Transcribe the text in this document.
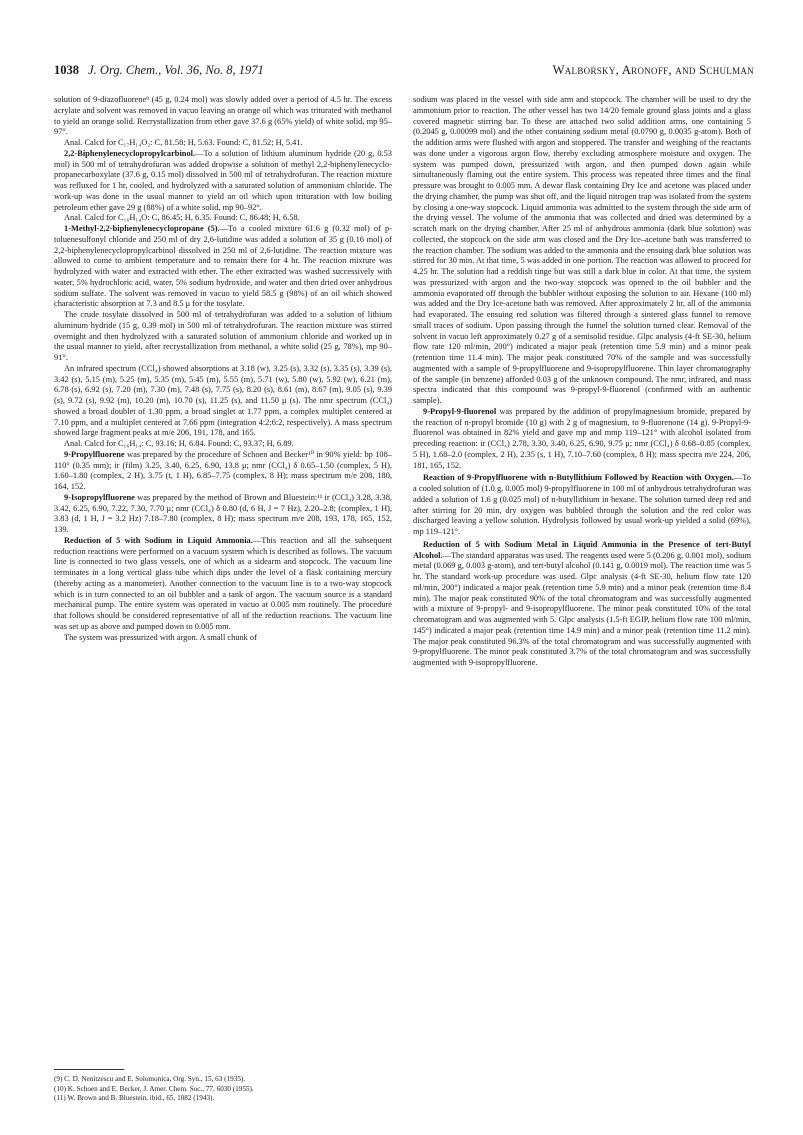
1038 J. Org. Chem., Vol. 36, No. 8, 1971	Walborsky, Aronoff, and Schulman

solution of 9-diazofluorene⁹ (45 g, 0.24 mol) was slowly added over a period of 4.5 hr. The excess acrylate and solvent was removed in vacuo leaving an orange oil which was triturated with methanol to yield an orange solid. Recrystallization from ether gave 37.6 g (65% yield) of white solid, mp 95–97°.

Anal. Calcd for C₁₇H₁₄O₂: C, 81.58; H, 5.63. Found: C, 81.52; H, 5.41.

2,2-Biphenylenecyclopropylcarbinol.—To a solution of lithium aluminum hydride (20 g, 0.53 mol) in 500 ml of tetrahydrofuran was added dropwise a solution of methyl 2,2-biphenylenecyclo-propanecarboxylate (37.6 g, 0.15 mol) dissolved in 500 ml of tetrahydrofuran. The reaction mixture was refluxed for 1 hr, cooled, and hydrolyzed with a saturated solution of ammonium chloride. The work-up was done in the usual manner to yield an oil which upon trituration with low boiling petroleum ether gave 29 g (88%) of a white solid, mp 90–92°.

Anal. Calcd for C₁₆H₁₄O: C, 86.45; H, 6.35. Found: C, 86.48; H, 6.58.

1-Methyl-2,2-biphenylenecyclopropane (5).—To a cooled mixture 61.6 g (0.32 mol) of p-toluenesulfonyl chloride and 250 ml of dry 2,6-lutidine was added a solution of 35 g (0.16 mol) of 2,2-biphenylenecyclopropylcarbinol dissolved in 250 ml of 2,6-lutidine. The reaction mixture was allowed to come to ambient temperature and to remain there for 4 hr. The reaction mixture was hydrolyzed with water and extracted with ether. The ether extracted was washed successively with water, 5% hydrochloric acid, water, 5% sodium hydroxide, and water and then dried over anhydrous sodium sulfate. The solvent was removed in vacuo to yield 58.5 g (98%) of an oil which showed characteristic absorption at 7.3 and 8.5 μ for the tosylate.

The crude tosylate dissolved in 500 ml of tetrahydrofuran was added to a solution of lithium aluminum hydride (15 g, 0.39 mol) in 500 ml of tetrahydrofuran. The reaction mixture was stirred overnight and then hydrolyzed with a saturated solution of ammonium chloride and worked up in the usual manner to yield, after recrystallization from methanol, a white solid (25 g, 78%), mp 90–91°.

An infrared spectrum (CCl₄) showed absorptions at 3.18 (w), 3.25 (s), 3.32 (s), 3.35 (s), 3.39 (s), 3.42 (s), 5.15 (m), 5.25 (m), 5.35 (m), 5.45 (m), 5.55 (m), 5.71 (w), 5.80 (w), 5.92 (w), 6.21 (m), 6.78 (s), 6.92 (s), 7.20 (m), 7.30 (m), 7.48 (s), 7.75 (s), 8.20 (s), 8.61 (m), 8.67 (m), 9.05 (s), 9.39 (s), 9.72 (s), 9.92 (m), 10.20 (m), 10.70 (s), 11.25 (s), and 11.50 μ (s). The nmr spectrum (CCl₄) showed a broad doublet of 1.30 ppm, a broad singlet at 1.77 ppm, a complex multiplet centered at 7.10 ppm, and a multiplet centered at 7.66 ppm (integration 4:2:6:2, respectively). A mass spectrum showed large fragment peaks at m/e 206, 191, 178, and 165.

Anal. Calcd for C₁₆H₁₄: C, 93.16; H, 6.84. Found: C, 93.37; H, 6.89.

9-Propylfluorene was prepared by the procedure of Schoen and Becker¹⁰ in 90% yield: bp 108–110° (0.35 mm); ir (film) 3.25, 3.40, 6.25, 6.90, 13.8 μ; nmr (CCl₄) δ 0.65–1.50 (complex, 5 H), 1.60–1.80 (complex, 2 H), 3.75 (t, 1 H), 6.85–7.75 (complex, 8 H); mass spectrum m/e 208, 180, 164, 152.

9-Isopropylfluorene was prepared by the method of Brown and Bluestein:¹¹ ir (CCl₄) 3.28, 3.38, 3.42, 6.25, 6.90, 7.22, 7.30, 7.70 μ; nmr (CCl₄) δ 0.80 (d, 6 H, J = 7 Hz), 2.20–2.8; (complex, 1 H), 3.83 (d, 1 H, J = 3.2 Hz) 7.18–7.80 (complex, 8 H); mass spectrum m/e 208, 193, 178, 165, 152, 139.

Reduction of 5 with Sodium in Liquid Ammonia.—This reaction and all the subsequent reduction reactions were performed on a vacuum system which is described as follows. The vacuum line is connected to two glass vessels, one of which as a sidearm and stopcock. The vacuum line terminates in a long vertical glass tube which dips under the level of a flask containing mercury (thereby acting as a manometer). Another connection to the vacuum line is to a two-way stopcock which is in turn connected to an oil bubbler and a tank of argon. The vacuum source is a standard mechanical pump. The entire system was operated in vacuo at 0.005 mm routinely. The procedure that follows should be considered representative of all of the reduction reactions. The vacuum line was set up as above and pumped down to 0.005 mm.

The system was pressurized with argon. A small chunk of

sodium was placed in the vessel with side arm and stopcock. The chamber will be used to dry the ammonium prior to reaction. The other vessel has two 14/20 female ground glass joints and a glass covered magnetic stirring bar. To these are attached two solid addition arms, one containing 5 (0.2045 g, 0.00099 mol) and the other containing sodium metal (0.0790 g, 0.0035 g-atom). Both of the addition arms were flushed with argon and stoppered. The transfer and weighing of the reactants was done under a vigorous argon flow, thereby excluding atmosphere moisture and oxygen. The system was pumped down, pressurized with argon, and then pumped down again while simultaneously flaming out the entire system. This process was repeated three times and the final pressure was brought to 0.005 mm. A dewar flask containing Dry Ice and acetone was placed under the drying chamber, the pump was shut off, and the liquid nitrogen trap was isolated from the system by closing a one-way stopcock. Liquid ammonia was admitted to the system through the side arm of the drying vessel. The volume of the ammonia that was collected and dried was determined by a scratch mark on the drying chamber. After 25 ml of anhydrous ammonia (dark blue solution) was collected, the stopcock on the side arm was closed and the Dry Ice–acetone bath was transferred to the reaction chamber. The sodium was added to the ammonia and the ensuing dark blue solution was stirred for 30 min. At that time, 5 was added in one portion. The reaction was allowed to proceed for 4.25 hr. The solution had a reddish tinge but was still a dark blue in color. At that time, the system was pressurized with argon and the two-way stopcock was opened to the oil bubbler and the ammonia evaporated off through the bubbler without exposing the solution to air. Hexane (100 ml) was added and the Dry Ice-acetone bath was removed. After approximately 2 hr, all of the ammonia had evaporated. The ensuing red solution was filtered through a sintered glass funnel to remove small traces of sodium. Upon passing through the funnel the solution turned clear. Removal of the solvent in vacuo left approximately 0.27 g of a semisolid residue. Glpc analysis (4-ft SE-30, helium flow rate 120 ml/min, 200°) indicated a major peak (retention time 5.9 min) and a minor peak (retention time 11.4 min). The major peak constituted 70% of the sample and was successfully augmented with a sample of 9-propylfluorene and 9-isopropylfluorene. Thin layer chromatography of the sample (in benzene) afforded 0.03 g of the unknown compound. The nmr, infrared, and mass spectra indicated that this compound was 9-propyl-9-fluorenol (confirmed with an authentic sample).

9-Propyl-9-fluorenol was prepared by the addition of propylmagnesium bromide, prepared by the reaction of n-propyl bromide (10 g) with 2 g of magnesium, to 9-fluorenone (14 g). 9-Propyl-9-fluorenol was obtained in 82% yield and gave mp and mmp 119–121° with alcohol isolated from preceding reaction: ir (CCl₄) 2.78, 3.30, 3.40, 6.25, 6.90, 9.75 μ; nmr (CCl₄) δ 0.68–0.85 (complex, 5 H), 1.68–2.0 (complex, 2 H), 2.35 (s, 1 H), 7.10–7.60 (complex, 8 H); mass spectra m/e 224, 206, 181, 165, 152.

Reaction of 9-Propylfluorene with n-Butyllithium Followed by Reaction with Oxygen.—To a cooled solution of (1.0 g, 0.005 mol) 9-propylfluorene in 100 ml of anhydrous tetrahydrofuran was added a solution of 1.6 g (0.025 mol) of n-butyllithium in hexane. The solution turned deep red and after stirring for 20 min, dry oxygen was bubbled through the solution and the red color was discharged leaving a yellow solution. Hydrolysis followed by usual work-up yielded a solid (69%), mp 119–121°.

Reduction of 5 with Sodium Metal in Liquid Ammonia in the Presence of tert-Butyl Alcohol.—The standard apparatus was used. The reagents used were 5 (0.206 g, 0.001 mol), sodium metal (0.069 g, 0.003 g-atom), and tert-butyl alcohol (0.141 g, 0.0019 mol). The reaction time was 5 hr. The standard work-up procedure was used. Glpc analysis (4-ft SE-30, helium flow rate 120 ml/min, 200°) indicated a major peak (retention time 5.9 min) and a minor peak (retention time 8.4 min). The major peak constituted 90% of the total chromatogram and was successfully augmented with a mixture of 9-propyl- and 9-isopropylfluorene. The minor peak constituted 10% of the total chromatogram and was augmented with 5. Glpc analysis (1.5-ft EGIP, helium flow rate 100 ml/min, 145°) indicated a major peak (retention time 14.9 min) and a minor peak (retention time 11.2 min). The major peak constituted 96.3% of the total chromatogram and was successfully augmented with 9-propylfluorene. The minor peak constituted 3.7% of the total chromatogram and was successfully augmented with 9-isopropylfluorene.

(9) C. D. Nenitzescu and E. Solomonica, Org. Syn., 15, 63 (1935).
(10) K. Schoen and E. Becker, J. Amer. Chem. Soc., 77, 6030 (1955).
(11) W. Brown and B. Bluestein, ibid., 65, 1082 (1943).
